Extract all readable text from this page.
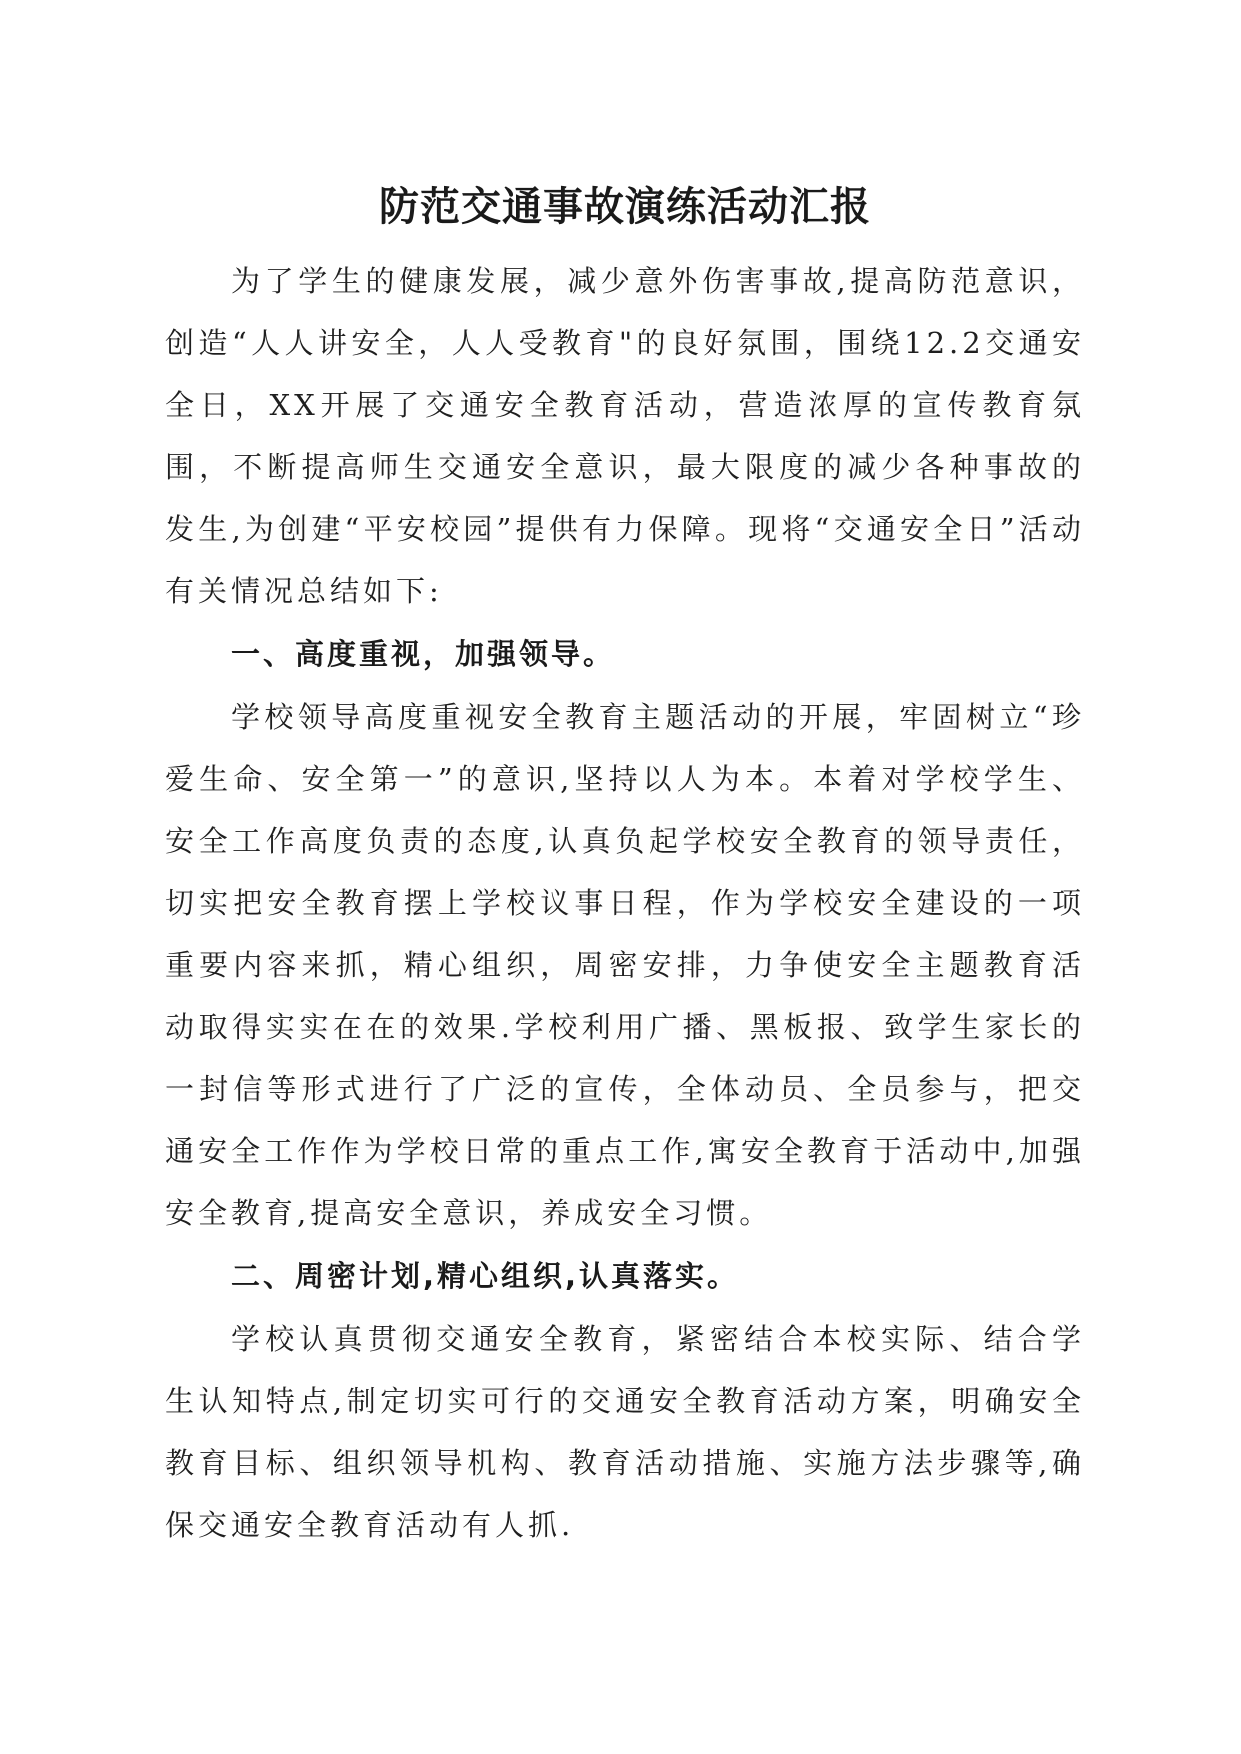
防范交通事故演练活动汇报

为了学生的健康发展，减少意外伤害事故,提高防范意识，创造“人人讲安全，人人受教育"的良好氛围，围绕12.2交通安全日，XX开展了交通安全教育活动，营造浓厚的宣传教育氛围，不断提高师生交通安全意识，最大限度的减少各种事故的发生,为创建“平安校园”提供有力保障。现将“交通安全日”活动有关情况总结如下:

一、高度重视，加强领导。

学校领导高度重视安全教育主题活动的开展，牢固树立“珍爱生命、安全第一”的意识,坚持以人为本。本着对学校学生、安全工作高度负责的态度,认真负起学校安全教育的领导责任，切实把安全教育摆上学校议事日程，作为学校安全建设的一项重要内容来抓，精心组织，周密安排，力争使安全主题教育活动取得实实在在的效果.学校利用广播、黑板报、致学生家长的一封信等形式进行了广泛的宣传，全体动员、全员参与，把交通安全工作作为学校日常的重点工作,寓安全教育于活动中,加强安全教育,提高安全意识，养成安全习惯。

二、周密计划,精心组织,认真落实。

学校认真贯彻交通安全教育，紧密结合本校实际、结合学生认知特点,制定切实可行的交通安全教育活动方案，明确安全教育目标、组织领导机构、教育活动措施、实施方法步骤等,确保交通安全教育活动有人抓.
